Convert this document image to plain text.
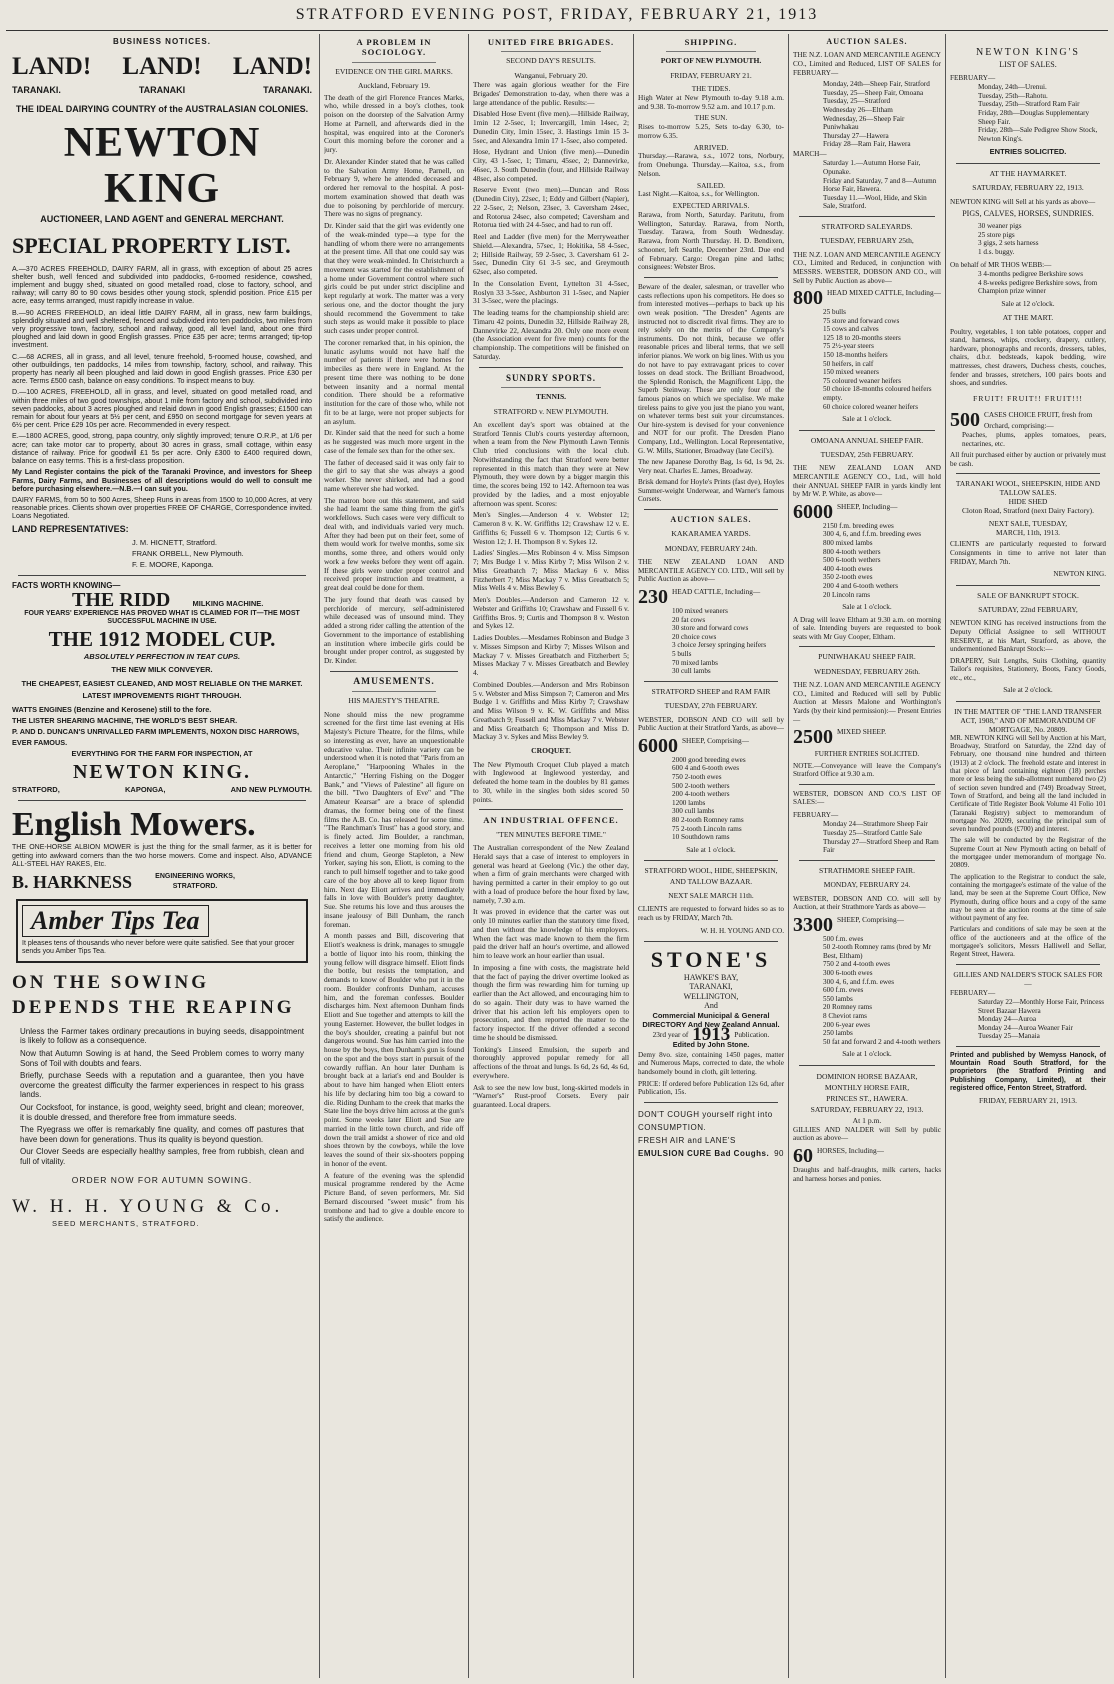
STRATFORD EVENING POST, FRIDAY, FEBRUARY 21, 1913
BUSINESS NOTICES.
LAND! LAND! LAND!
TARANAKI.	TARANAKI	TARANAKI.
THE IDEAL DAIRYING COUNTRY of the AUSTRALASIAN COLONIES.
NEWTON KING
AUCTIONEER, LAND AGENT and GENERAL MERCHANT.
SPECIAL PROPERTY LIST.

A.—370 ACRES FREEHOLD, DAIRY FARM, all in grass, with exception of about 25 acres shelter bush, well fenced and subdivided into paddocks, 6-roomed residence, cowshed, implement and buggy shed, situated on good metalled road, close to factory, school, and railway; will carry 80 to 90 cows besides other young stock, splendid position. Price £15 per acre, easy terms arranged, must rapidly increase in value.

B.—90 ACRES FREEHOLD, an ideal little DAIRY FARM, all in grass, new farm buildings, splendidly situated and well sheltered, fenced and subdivided into ten paddocks, two miles from very progressive town, factory, school and railway, good, all level land, about one third ploughed and laid down in good English grasses. Price £35 per acre; terms arranged; tip-top investment.

C.—68 ACRES, all in grass, and all level, tenure freehold, 5-roomed house, cowshed, and other outbuildings, ten paddocks, 14 miles from township, factory, school, and railway. This property has nearly all been ploughed and laid down in good English grasses. Price £30 per acre. Terms £500 cash, balance on easy conditions. To inspect means to buy.

D.—100 ACRES, FREEHOLD, all in grass, and level, situated on good metalled road, and within three miles of two good townships, about 1 mile from factory and school, subdivided into seven paddocks, about 3 acres ploughed and relaid down in good English grasses; £1500 can remain for about four years at 5½ per cent, and £950 on second mortgage for seven years at 6½ per cent. Price £29 10s per acre. Recommended in every respect.

E.—1800 ACRES, good, strong, papa country, only slightly improved; tenure O.R.P., at 1/6 per acre; can take motor car to property, about 30 acres in grass, small cottage, within easy distance of railway. Price for goodwill £1 5s per acre. Only £300 to £400 required down, balance on easy terms. This is a first-class proposition.

My Land Register contains the pick of the Taranaki Province, and investors for Sheep Farms, Dairy Farms, and Businesses of all descriptions would do well to consult me before purchasing elsewhere.—N.B.—I can suit you.

DAIRY FARMS, from 50 to 500 Acres, Sheep Runs in areas from 1500 to 10,000 Acres, at very reasonable prices. Clients shown over properties FREE OF CHARGE, Correspondence invited. Loans Negotiated.

LAND REPRESENTATIVES:
J. M. HICNETT, Stratford.
FRANK ORBELL, New Plymouth.
F. E. MOORE, Kaponga.
FACTS WORTH KNOWING—
THE RIDD	MILKING MACHINE.
FOUR YEARS' EXPERIENCE HAS PROVED WHAT IS CLAIMED FOR IT—THE MOST SUCCESSFUL MACHINE IN USE.
THE 1912 MODEL CUP.
ABSOLUTELY PERFECTION IN TEAT CUPS.
THE NEW MILK CONVEYER.
THE CHEAPEST, EASIEST CLEANED, AND MOST RELIABLE ON THE MARKET.
LATEST IMPROVEMENTS RIGHT THROUGH.
WATTS ENGINES (Benzine and Kerosene) still to the fore.
THE LISTER SHEARING MACHINE, THE WORLD'S BEST SHEAR.
P. AND D. DUNCAN'S UNRIVALLED FARM IMPLEMENTS, NOXON DISC HARROWS, EVER FAMOUS.
EVERYTHING FOR THE FARM FOR INSPECTION, AT
NEWTON KING.
STRATFORD,	KAPONGA,	AND NEW PLYMOUTH.
English Mowers.

THE ONE-HORSE ALBION MOWER is just the thing for the small farmer, as it is better for getting into awkward corners than the two horse mowers. Come and inspect. Also, ADVANCE ALL-STEEL HAY RAKES, Etc.

B. HARKNESS	ENGINEERING WORKS, STRATFORD.
Amber Tips Tea
It pleases tens of thousands who never before were quite satisfied. See that your grocer sends you Amber Tips Tea.
ON THE SOWING
DEPENDS THE REAPING

Unless the Farmer takes ordinary precautions in buying seeds, disappointment is likely to follow as a consequence.

Now that Autumn Sowing is at hand, the Seed Problem comes to worry many Sons of Toil with doubts and fears.

Briefly, purchase Seeds with a reputation and a guarantee, then you have overcome the greatest difficulty the farmer experiences in respect to his grass lands.

Our Cocksfoot, for instance, is good, weighty seed, bright and clean; moreover, it is double dressed, and therefore free from immature seeds.

The Ryegrass we offer is remarkably fine quality, and comes off pastures that have been down for generations. Thus its quality is beyond question.

Our Clover Seeds are especially healthy samples, free from rubbish, clean and full of vitality.

ORDER NOW FOR AUTUMN SOWING.
W. H. H. YOUNG & Co.
SEED MERCHANTS, STRATFORD.
A PROBLEM IN SOCIOLOGY.
EVIDENCE ON THE GIRL MARKS.
Auckland, February 19.

The death of the girl Florence Frances Marks, who, while dressed in a boy's clothes, took poison on the doorstep of the Salvation Army Home at Parnell, and afterwards died in the hospital, was enquired into at the Coroner's Court this morning before the coroner and a jury.

Dr. Alexander Kinder stated that he was called to the Salvation Army Home, Parnell, on February 9, where he attended deceased and ordered her removal to the hospital. A post-mortem examination showed that death was due to poisoning by perchloride of mercury. There was no signs of pregnancy.

Dr. Kinder said that the girl was evidently one of the weak-minded type—a type for the handling of whom there were no arrangements at the present time. All that one could say was that they were weak-minded. In Christchurch a movement was started for the establishment of a home under Government control where such girls could be put under strict discipline and kept regularly at work. The matter was a very serious one, and the doctor thought the jury should recommend the Government to take such steps as would make it possible to place such cases under proper control.

The coroner remarked that, in his opinion, the lunatic asylums would not have half the number of patients if there were homes for imbeciles as there were in England. At the present time there was nothing to be done between insanity and a normal mental condition. There should be a reformative institution for the care of those who, while not fit to be at large, were not proper subjects for an asylum.

Dr. Kinder said that the need for such a home as he suggested was much more urgent in the case of the female sex than for the other sex.

The father of deceased said it was only fair to the girl to say that she was always a good worker. She never shirked, and had a good name wherever she had worked.

The matron bore out this statement, and said she had learnt the same thing from the girl's workfellows. Such cases were very difficult to deal with, and individuals varied very much. After they had been put on their feet, some of them would work for twelve months, some six months, some three, and others would only work a few weeks before they went off again. If these girls were under proper control and received proper instruction and treatment, a great deal could be done for them.

The jury found that death was caused by perchloride of mercury, self-administered while deceased was of unsound mind. They added a strong rider calling the attention of the Government to the importance of establishing an institution where imbecile girls could be brought under proper control, as suggested by Dr. Kinder.

AMUSEMENTS.
HIS MAJESTY'S THEATRE.

None should miss the new programme screened for the first time last evening at His Majesty's Picture Theatre, for the films, while so interesting as ever, have an unquestionable educative value. Their infinite variety can be understood when it is noted that "Paris from an Aeroplane," "Harpooning Whales in the Antarctic," "Herring Fishing on the Dogger Bank," and "Views of Palestine" all figure on the bill. "Two Daughters of Eve" and "The Amateur Kearsar" are a brace of splendid dramas, the former being one of the finest films the A.B. Co. has released for some time. "The Ranchman's Trust" has a good story, and is finely acted. Jim Boulder, a ranchman, receives a letter one morning from his old friend and chum, George Stapleton, a New Yorker, saying his son, Eliott, is coming to the ranch to pull himself together and to take good care of the boy above all to keep liquor from him. Next day Eliott arrives and immediately falls in love with Boulder's pretty daughter, Sue. She returns his love and thus arouses the insane jealousy of Bill Dunham, the ranch foreman.

A month passes and Bill, discovering that Eliott's weakness is drink, manages to smuggle a bottle of liquor into his room, thinking the young fellow will disgrace himself. Eliott finds the bottle, but resists the temptation, and demands to know of Boulder who put it in the room. Boulder confronts Dunham, accuses him, and the foreman confesses. Boulder discharges him. Next afternoon Dunham finds Eliott and Sue together and attempts to kill the young Easterner. However, the bullet lodges in the boy's shoulder, creating a painful but not dangerous wound. Sue has him carried into the house by the boys, then Dunham's gun is found on the spot and the boys start in pursuit of the cowardly ruffian. An hour later Dunham is brought back at a lariat's end and Boulder is about to have him hanged when Eliott enters his life by declaring him too big a coward to die. Riding Dunham to the creek that marks the State line the boys drive him across at the gun's point. Some weeks later Eliott and Sue are married in the little town church, and ride off down the trail amidst a shower of rice and old shoes thrown by the cowboys, while the love leaves the sound of their six-shooters popping in honor of the event.

A feature of the evening was the splendid musical programme rendered by the Acme Picture Band, of seven performers, Mr. Sid Bernard discoursed "sweet music" from his trombone and had to give a double encore to satisfy the audience.

UNITED FIRE BRIGADES.
SECOND DAY'S RESULTS.
Wanganui, February 20.

There was again glorious weather for the Fire Brigades' Demonstration to-day, when there was a large attendance of the public. Results:—

Disabled Hose Event (five men).—Hillside Railway, 1min 12 2-5sec, 1; Invercargill, 1min 14sec, 2; Dunedin City, 1min 15sec, 3. Hastings 1min 15 3-5sec, and Alexandra 1min 17 1-5sec, also competed.

Hose, Hydrant and Union (five men).—Dunedin City, 43 1-5sec, 1; Timaru, 45sec, 2; Dannevirke, 46sec, 3. South Dunedin (four, and Hillside Railway 48sec, also competed.

Reserve Event (two men).—Duncan and Ross (Dunedin City), 22sec, 1; Eddy and Gilbert (Napier), 22 2-5sec, 2; Nelson, 23sec, 3. Caversham 24sec, and Rotorua 24sec, also competed; Caversham and Rotorua tied with 24 4-5sec, and had to run off.

Reel and Ladder (five men) for the Merryweather Shield.—Alexandra, 57sec, 1; Hokitika, 58 4-5sec, 2; Hillside Railway, 59 2-5sec, 3. Caversham 61 2-5sec, Dunedin City 61 3-5 sec, and Greymouth 62sec, also competed.

In the Consolation Event, Lyttelton 31 4-5sec, Roslyn 33 3-5sec, Ashburton 31 1-5sec, and Napier 31 3-5sec, were the placings.

The leading teams for the championship shield are: Timaru 42 points, Dunedin 32, Hillside Railway 28, Dannevirke 22, Alexandra 20. Only one more event (the Association event for five men) counts for the championship. The competitions will be finished on Saturday.

SUNDRY SPORTS.
TENNIS.
STRATFORD v. NEW PLYMOUTH.

An excellent day's sport was obtained at the Stratford Tennis Club's courts yesterday afternoon, when a team from the New Plymouth Lawn Tennis Club tried conclusions with the local club. Notwithstanding the fact that Stratford were better represented in this match than they were at New Plymouth, they were down by a bigger margin this time, the scores being 192 to 142. Afternoon tea was provided by the ladies, and a most enjoyable afternoon was spent. Scores:

Men's Singles.—Anderson 4 v. Webster 12; Cameron 8 v. K. W. Griffiths 12; Crawshaw 12 v. E. Griffiths 6; Fussell 6 v. Thompson 12; Curtis 6 v. Weston 12; J. H. Thompson 8 v. Sykes 12.

Ladies' Singles.—Mrs Robinson 4 v. Miss Simpson 7; Mrs Budge 1 v. Miss Kirby 7; Miss Wilson 2 v. Miss Greatbatch 7; Miss Mackay 6 v. Miss Fitzherbert 7; Miss Mackay 7 v. Miss Greatbatch 5; Miss Wells 4 v. Miss Bewley 6.

Men's Doubles.—Anderson and Cameron 12 v. Webster and Griffiths 10; Crawshaw and Fussell 6 v. Griffiths Bros. 9; Curtis and Thompson 8 v. Weston and Sykes 12.

Ladies Doubles.—Mesdames Robinson and Budge 3 v. Misses Simpson and Kirby 7; Misses Wilson and Mackay 7 v. Misses Greatbatch and Fitzherbert 5; Misses Mackay 7 v. Misses Greatbatch and Bewley 4.

Combined Doubles.—Anderson and Mrs Robinson 5 v. Webster and Miss Simpson 7; Cameron and Mrs Budge 1 v. Griffiths and Miss Kirby 7; Crawshaw and Miss Wilson 9 v. K. W. Griffiths and Miss Greatbatch 9; Fussell and Miss Mackay 7 v. Webster and Miss Greatbatch 6; Thompson and Miss D. Mackay 3 v. Sykes and Miss Bewley 9.

CROQUET.

The New Plymouth Croquet Club played a match with Inglewood at Inglewood yesterday, and defeated the home team in the doubles by 81 games to 30, while in the singles both sides scored 50 points.

AN INDUSTRIAL OFFENCE.
"TEN MINUTES BEFORE TIME."

The Australian correspondent of the New Zealand Herald says that a case of interest to employers in general was heard at Geelong (Vic.) the other day, when a firm of grain merchants were charged with having permitted a carter in their employ to go out with a load of produce before the hour fixed by law, namely, 7.30 a.m.

It was proved in evidence that the carter was out only 10 minutes earlier than the statutory time fixed, and then without the knowledge of his employers. When the fact was made known to them the firm paid the driver half an hour's overtime, and allowed him to leave work an hour earlier than usual.

In imposing a fine with costs, the magistrate held that the fact of paying the driver overtime looked as though the firm was rewarding him for turning up earlier than the Act allowed, and encouraging him to do so again. Their duty was to have warned the driver that his action left his employers open to prosecution, and then reported the matter to the factory inspector. If the driver offended a second time he should be dismissed.

Tonking's Linseed Emulsion, the superb and thoroughly approved popular remedy for all affections of the throat and lungs. Is 6d, 2s 6d, 4s 6d, everywhere.

Ask to see the new low bust, long-skirted models in "Warner's" Rust-proof Corsets. Every pair guaranteed. Local drapers.

SHIPPING.
PORT OF NEW PLYMOUTH.
FRIDAY, FEBRUARY 21.
THE TIDES.

High Water at New Plymouth to-day 9.18 a.m. and 9.38. To-morrow 9.52 a.m. and 10.17 p.m.

THE SUN.

Rises to-morrow 5.25, Sets to-day 6.30, to-morrow 6.35.

ARRIVED.

Thursday.—Rarawa, s.s., 1072 tons, Norbury, from Onehunga. Thursday.—Kaitoa, s.s., from Nelson.

SAILED.

Last Night.—Kaitoa, s.s., for Wellington.

EXPECTED ARRIVALS.

Rarawa, from North, Saturday. Paritutu, from Wellington, Saturday. Rarawa, from North, Tuesday. Tarawa, from South Wednesday. Rarawa, from North Thursday. H. D. Bendixen, schooner, left Seattle, December 23rd. Due end of February. Cargo: Oregan pine and laths; consignees: Webster Bros.

Beware of the dealer, salesman, or traveller who casts reflections upon his competitors. He does so from interested motives—perhaps to back up his own weak position. "The Dresden" Agents are instructed not to discredit rival firms. They are to rely solely on the merits of the Company's instruments. Do not think, because we offer reasonable prices and liberal terms, that we sell inferior pianos. We work on big lines. With us you do not have to pay extravagant prices to cover losses on dead stock. The Brilliant Broadwood, the Splendid Ronisch, the Magnificent Lipp, the Superb Steinway. These are only four of the famous pianos on which we specialise. We make tireless pains to give you just the piano you want, on whatever terms best suit your circumstances. Our hire-system is devised for your convenience and NOT for our profit. The Dresden Piano Company, Ltd., Wellington. Local Representative, G. W. Mills, Stationer, Broadway (late Cecil's).

The new Japanese Dorothy Bag, 1s 6d, 1s 9d, 2s. Very neat. Charles E. James, Broadway.

Brisk demand for Hoyle's Prints (fast dye), Hoyles Summer-weight Underwear, and Warner's famous Corsets.

AUCTION SALES.
KAKARAMEA YARDS.
MONDAY, FEBRUARY 24th.

THE NEW ZEALAND LOAN AND MERCANTILE AGENCY CO. LTD., Will sell by Public Auction as above—

230 HEAD CATTLE, Including—
100 mixed weaners
20 fat cows
30 store and forward cows
20 choice cows
3 choice Jersey springing heifers
5 bulls
70 mixed lambs
30 cull lambs
STRATFORD SHEEP and RAM FAIR
TUESDAY, 27th FEBRUARY.

WEBSTER, DOBSON AND CO will sell by Public Auction at their Stratford Yards, as above—

6000 SHEEP, Comprising—
2000 good breeding ewes
600 4 and 6-tooth ewes
750 2-tooth ewes
500 2-tooth wethers
200 4-tooth wethers
1200 lambs
300 cull lambs
80 2-tooth Romney rams
75 2-tooth Lincoln rams
10 Southdown rams
Sale at 1 o'clock.
STRATFORD WOOL, HIDE, SHEEPSKIN, AND TALLOW BAZAAR.
NEXT SALE MARCH 11th.

CLIENTS are requested to forward hides so as to reach us by FRIDAY, March 7th.

W. H. H. YOUNG AND CO.
STONE'S
HAWKE'S BAY,
TARANAKI,
WELLINGTON,
And
Commercial Municipal & General DIRECTORY And New Zealand Annual.
23rd year of 1913 Publication.
Edited by John Stone.

Demy 8vo. size, containing 1450 pages, matter and Numerous Maps, corrected to date, the whole handsomely bound in cloth, gilt lettering.

PRICE: If ordered before Publication 12s 6d, after Publication, 15s.

DON'T COUGH yourself right into CONSUMPTION.
FRESH AIR and LANE'S
EMULSION CURE Bad Coughs. 90
AUCTION SALES.

THE N.Z. LOAN AND MERCANTILE AGENCY CO., Limited and Reduced, LIST OF SALES for FEBRUARY—

Monday, 24th—Sheep Fair, Stratford
Tuesday, 25—Sheep Fair, Omoana
Tuesday, 25—Stratford
Wednesday 26—Eltham
Wednesday, 26—Sheep Fair Puniwhakau
Thursday 27—Hawera
Friday 28—Ram Fair, Hawera
MARCH—
Saturday 1.—Autumn Horse Fair, Opunake.
Friday and Saturday, 7 and 8—Autumn Horse Fair, Hawera.
Tuesday 11.—Wool, Hide, and Skin Sale, Stratford.
STRATFORD SALEYARDS.
TUESDAY, FEBRUARY 25th,

THE N.Z. LOAN AND MERCANTILE AGENCY CO., Limited and Reduced, in conjunction with MESSRS. WEBSTER, DOBSON AND CO., will Sell by Public Auction as above—

800 HEAD MIXED CATTLE, Including—
25 bulls
75 store and forward cows
15 cows and calves
125 18 to 20-months steers
75 2½-year steers
150 18-months heifers
50 heifers, in calf
150 mixed weaners
75 coloured weaner heifers
50 choice 18-months coloured heifers empty.
60 choice colored weaner heifers
Sale at 1 o'clock.
OMOANA ANNUAL SHEEP FAIR.
TUESDAY, 25th FEBRUARY.

THE NEW ZEALAND LOAN AND MERCANTILE AGENCY CO., Ltd., will hold their ANNUAL SHEEP FAIR in yards kindly lent by Mr W. P. White, as above—

6000 SHEEP, Including—
2150 f.m. breeding ewes
300 4, 6, and f.f.m. breeding ewes
800 mixed lambs
800 4-tooth wethers
500 6-tooth wethers
400 4-tooth ewes
350 2-tooth ewes
200 4 and 6-tooth wethers
20 Lincoln rams
Sale at 1 o'clock.

A Drag will leave Eltham at 9.30 a.m. on morning of sale. Intending buyers are requested to book seats with Mr Guy Cooper, Eltham.

PUNIWHAKAU SHEEP FAIR.
WEDNESDAY, FEBRUARY 26th.

THE N.Z. LOAN AND MERCANTILE AGENCY CO., Limited and Reduced will sell by Public Auction at Messrs Malone and Worthington's Yards (by their kind permission):— Present Entries—

2500 MIXED SHEEP.
FURTHER ENTRIES SOLICITED.

NOTE.—Conveyance will leave the Company's Stratford Office at 9.30 a.m.

WEBSTER, DOBSON AND CO.'S LIST OF SALES:—

FEBRUARY—
Monday 24—Strathmore Sheep Fair
Tuesday 25—Stratford Cattle Sale
Thursday 27—Stratford Sheep and Ram Fair
STRATHMORE SHEEP FAIR.
MONDAY, FEBRUARY 24.

WEBSTER, DOBSON AND CO. will sell by Auction, at their Strathmore Yards as above—

3300 SHEEP, Comprising—
500 f.m. ewes
50 2-tooth Romney rams (bred by Mr Best, Eltham)
750 2 and 4-tooth ewes
300 6-tooth ewes
300 4, 6, and f.f.m. ewes
600 f.m. ewes
550 lambs
20 Romney rams
8 Cheviot rams
200 6-year ewes
250 lambs
50 fat and forward 2 and 4-tooth wethers
Sale at 1 o'clock.
DOMINION HORSE BAZAAR,
MONTHLY HORSE FAIR,
PRINCES ST., HAWERA.
SATURDAY, FEBRUARY 22, 1913.
At 1 p.m.

GILLIES AND NALDER will Sell by public auction as above—

60 HORSES, Including—

Draughts and half-draughts, milk carters, hacks and harness horses and ponies.

NEWTON KING'S
LIST OF SALES.
FEBRUARY—
Monday, 24th—Urenui.
Tuesday, 25th—Rahotu.
Tuesday, 25th—Stratford Ram Fair
Friday, 28th—Douglas Supplementary Sheep Fair.
Friday, 28th—Sale Pedigree Show Stock, Newton King's.
ENTRIES SOLICITED.
AT THE HAYMARKET.
SATURDAY, FEBRUARY 22, 1913.

NEWTON KING will Sell at his yards as above—

PIGS, CALVES, HORSES, SUNDRIES.
30 weaner pigs
25 store pigs
3 gigs, 2 sets harness
1 d.s. buggy.
On behalf of MR THOS WEBB:—
3 4-months pedigree Berkshire sows
4 8-weeks pedigree Berkshire sows, from Champion prize winner
Sale at 12 o'clock.
AT THE MART.

Poultry, vegetables, 1 ton table potatoes, copper and stand, harness, whips, crockery, drapery, cutlery, hardware, phonographs and records, dressers, tables, chairs, d.b.r. bedsteads, kapok bedding, wire mattresses, chest drawers, Duchess chests, couches, fender and brasses, stretchers, 100 pairs boots and shoes, and sundries.

FRUIT! FRUIT!! FRUIT!!!
500 CASES CHOICE FRUIT, fresh from Orchard, comprising:—

Peaches, plums, apples tomatoes, pears, nectarines, etc.

All fruit purchased either by auction or privately must be cash.

TARANAKI WOOL, SHEEPSKIN, HIDE AND TALLOW SALES.
HIDE SHED
Cloton Road, Stratford (next Dairy Factory).
NEXT SALE, TUESDAY,
MARCH, 11th, 1913.

CLIENTS are particularly requested to forward Consignments in time to arrive not later than FRIDAY, March 7th.

NEWTON KING.
SALE OF BANKRUPT STOCK.
SATURDAY, 22nd FEBRUARY,

NEWTON KING has received instructions from the Deputy Official Assignee to sell WITHOUT RESERVE, at his Mart, Stratford, as above, the undermentioned Bankrupt Stock:—

DRAPERY, Suit Lengths, Suits Clothing, quantity Tailor's requisites, Stationery, Boots, Fancy Goods, etc., etc.,

Sale at 2 o'clock.
IN THE MATTER OF "THE LAND TRANSFER ACT, 1908," AND OF MEMORANDUM OF MORTGAGE, No. 20809.

MR. NEWTON KING will Sell by Auction at his Mart, Broadway, Stratford on Saturday, the 22nd day of February, one thousand nine hundred and thirteen (1913) at 2 o'clock. The freehold estate and interest in that piece of land containing eighteen (18) perches more or less being the sub-allotment numbered two (2) of section seven hundred and (749) Broadway Street, Town of Stratford, and being all the land included in Certificate of Title Register Book Volume 41 Folio 101 (Taranaki Registry) subject to memorandum of mortgage No. 20209, securing the principal sum of seven hundred pounds (£700) and interest.

The sale will be conducted by the Registrar of the Supreme Court at New Plymouth acting on behalf of the mortgagee under memorandum of mortgage No. 20809.

The application to the Registrar to conduct the sale, containing the mortgagee's estimate of the value of the land, may be seen at the Supreme Court Office, New Plymouth, during office hours and a copy of the same may be seen at the auction rooms at the time of sale without payment of any fee.

Particulars and conditions of sale may be seen at the office of the auctioneers and at the office of the mortgagee's solicitors, Messrs Halliwell and Sellar, Regent Street, Hawera.

GILLIES AND NALDER'S STOCK SALES FOR—
FEBRUARY—
Saturday 22—Monthly Horse Fair, Princess Street Bazaar Hawera
Monday 24—Auroa
Monday 24—Auroa Weaner Fair
Tuesday 25—Manaia

Printed and published by Wemyss Hanock, of Mountain Road South Stratford, for the proprietors (the Stratford Printing and Publishing Company, Limited), at their registered office, Fenton Street, Stratford.

FRIDAY, FEBRUARY 21, 1913.
